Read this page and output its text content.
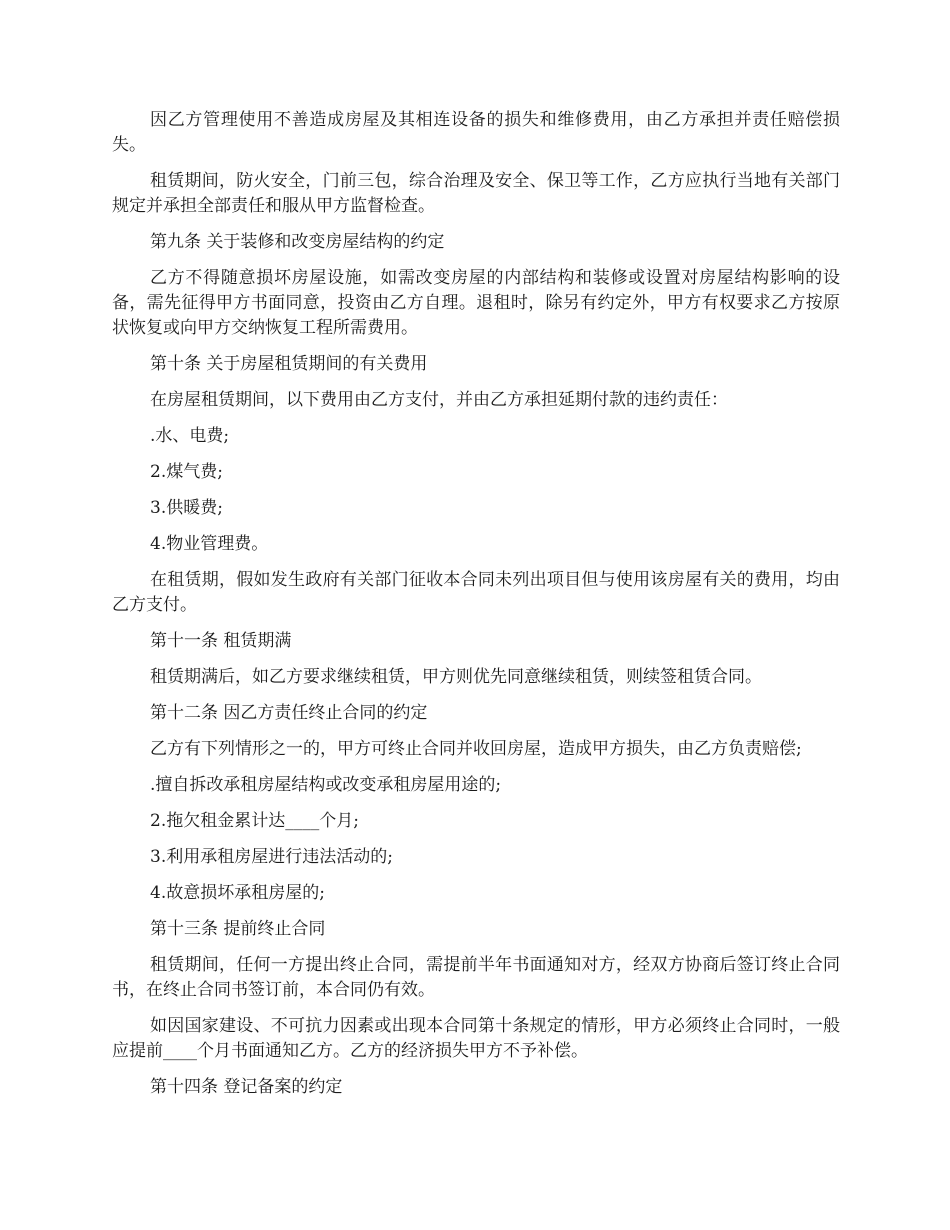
因乙方管理使用不善造成房屋及其相连设备的损失和维修费用，由乙方承担并责任赔偿损失。

租赁期间，防火安全，门前三包，综合治理及安全、保卫等工作，乙方应执行当地有关部门规定并承担全部责任和服从甲方监督检查。

第九条 关于装修和改变房屋结构的约定

乙方不得随意损坏房屋设施，如需改变房屋的内部结构和装修或设置对房屋结构影响的设备，需先征得甲方书面同意，投资由乙方自理。退租时，除另有约定外，甲方有权要求乙方按原状恢复或向甲方交纳恢复工程所需费用。

第十条 关于房屋租赁期间的有关费用

在房屋租赁期间，以下费用由乙方支付，并由乙方承担延期付款的违约责任：

.水、电费;

2.煤气费;

3.供暖费;

4.物业管理费。

在租赁期，假如发生政府有关部门征收本合同未列出项目但与使用该房屋有关的费用，均由乙方支付。

第十一条 租赁期满

租赁期满后，如乙方要求继续租赁，甲方则优先同意继续租赁，则续签租赁合同。

第十二条 因乙方责任终止合同的约定

乙方有下列情形之一的，甲方可终止合同并收回房屋，造成甲方损失，由乙方负责赔偿;

.擅自拆改承租房屋结构或改变承租房屋用途的;

2.拖欠租金累计达____个月;

3.利用承租房屋进行违法活动的;

4.故意损坏承租房屋的;

第十三条 提前终止合同

租赁期间，任何一方提出终止合同，需提前半年书面通知对方，经双方协商后签订终止合同书，在终止合同书签订前，本合同仍有效。

如因国家建设、不可抗力因素或出现本合同第十条规定的情形，甲方必须终止合同时，一般应提前____个月书面通知乙方。乙方的经济损失甲方不予补偿。

第十四条 登记备案的约定
